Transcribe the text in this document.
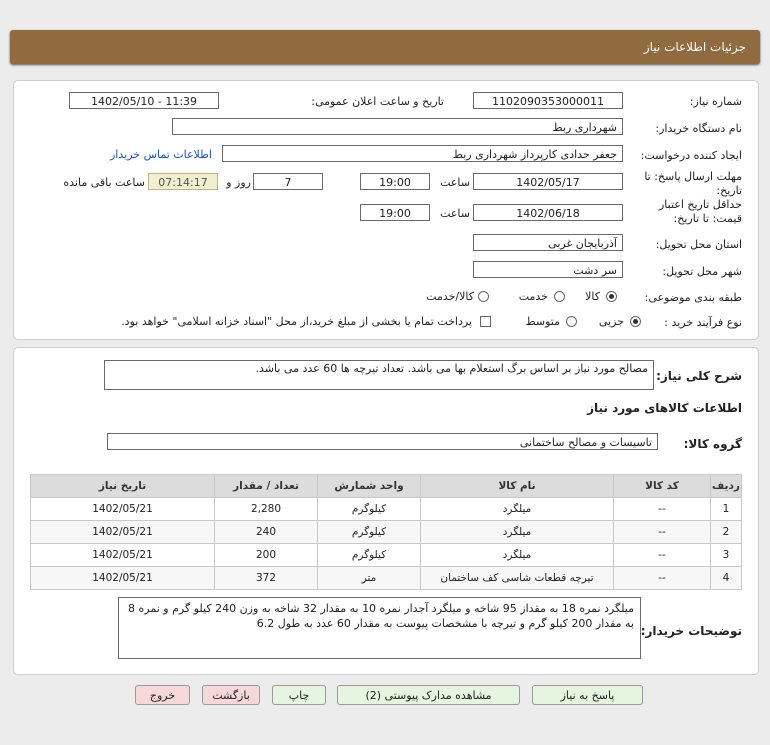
جزئیات اطلاعات نیاز
شماره نیاز:
1102090353000011
تاریخ و ساعت اعلان عمومی:
1402/05/10 - 11:39
نام دستگاه خریدار:
شهرداری ربط
ایجاد کننده درخواست:
جعفر حدادی کارپرداز شهرداری ربط
اطلاعات تماس خریدار
مهلت ارسال پاسخ: تا تاریخ:
1402/05/17
ساعت
19:00
7
روز و
07:14:17
ساعت باقی مانده
حداقل تاریخ اعتبار قیمت: تا تاریخ:
1402/06/18
ساعت
19:00
استان محل تحویل:
آذربایجان غربی
شهر محل تحویل:
سر دشت
طبقه بندی موضوعی:
کالا
خدمت
کالا/خدمت
نوع فرآیند خرید :
جزیی
متوسط
پرداخت تمام یا بخشی از مبلغ خرید،از محل "اسناد خزانه اسلامی" خواهد بود.
شرح کلی نیاز:
مصالح مورد نیاز بر اساس برگ استعلام بها می باشد. تعداد تیرچه ها 60 عدد می باشد.
اطلاعات کالاهای مورد نیاز
گروه کالا:
تاسیسات و مصالح ساختمانی
ردیف	کد کالا	نام کالا	واحد شمارش	تعداد / مقدار	تاریخ نیاز
1	--	میلگرد	کیلوگرم	2,280	1402/05/21
2	--	میلگرد	کیلوگرم	240	1402/05/21
3	--	میلگرد	کیلوگرم	200	1402/05/21
4	--	تیرچه قطعات شاسی کف ساختمان	متر	372	1402/05/21
توضیحات خریدار:
میلگرد نمره 18 به مقداز 95 شاخه و میلگرد آجدار نمره 10 به مقدار 32 شاخه به وزن 240 کیلو گرم و نمره 8 به مقدار 200 کیلو گرم و تیرچه با مشخصات پیوست به مقدار 60 عدد به طول 6.2
پاسخ به نیاز
مشاهده مدارک پیوستی (2)
چاپ
بازگشت
خروج
